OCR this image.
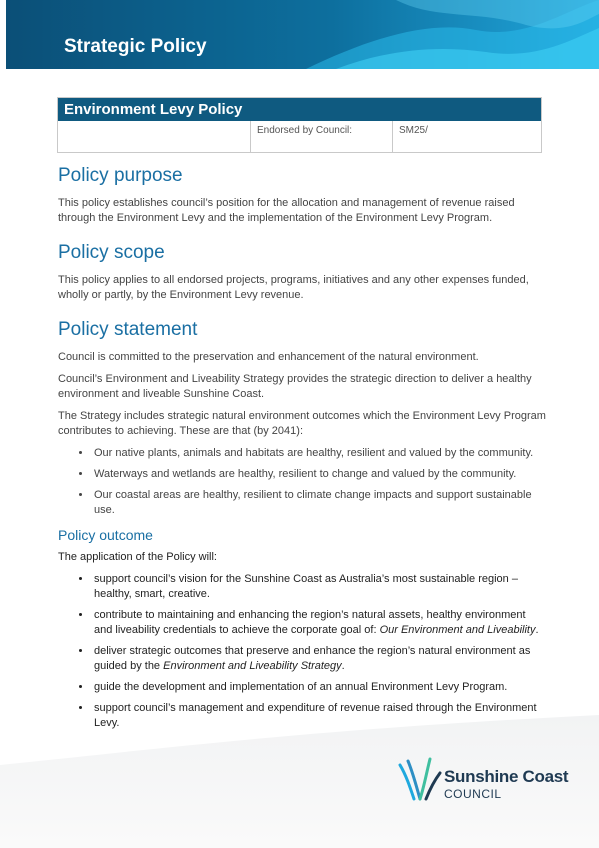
Strategic Policy
Environment Levy Policy
Endorsed by Council:	SM25/
Policy purpose

This policy establishes council’s position for the allocation and management of revenue raised through the Environment Levy and the implementation of the Environment Levy Program.

Policy scope

This policy applies to all endorsed projects, programs, initiatives and any other expenses funded, wholly or partly, by the Environment Levy revenue.

Policy statement

Council is committed to the preservation and enhancement of the natural environment.

Council’s Environment and Liveability Strategy provides the strategic direction to deliver a healthy environment and liveable Sunshine Coast.

The Strategy includes strategic natural environment outcomes which the Environment Levy Program contributes to achieving. These are that (by 2041):

• Our native plants, animals and habitats are healthy, resilient and valued by the community.
• Waterways and wetlands are healthy, resilient to change and valued by the community.
• Our coastal areas are healthy, resilient to climate change impacts and support sustainable use.
Policy outcome

The application of the Policy will:

• support council’s vision for the Sunshine Coast as Australia’s most sustainable region – healthy, smart, creative.
• contribute to maintaining and enhancing the region’s natural assets, healthy environment and liveability credentials to achieve the corporate goal of: Our Environment and Liveability.
• deliver strategic outcomes that preserve and enhance the region’s natural environment as guided by the Environment and Liveability Strategy.
• guide the development and implementation of an annual Environment Levy Program.
• support council’s management and expenditure of revenue raised through the Environment Levy.
Sunshine Coast
COUNCIL
